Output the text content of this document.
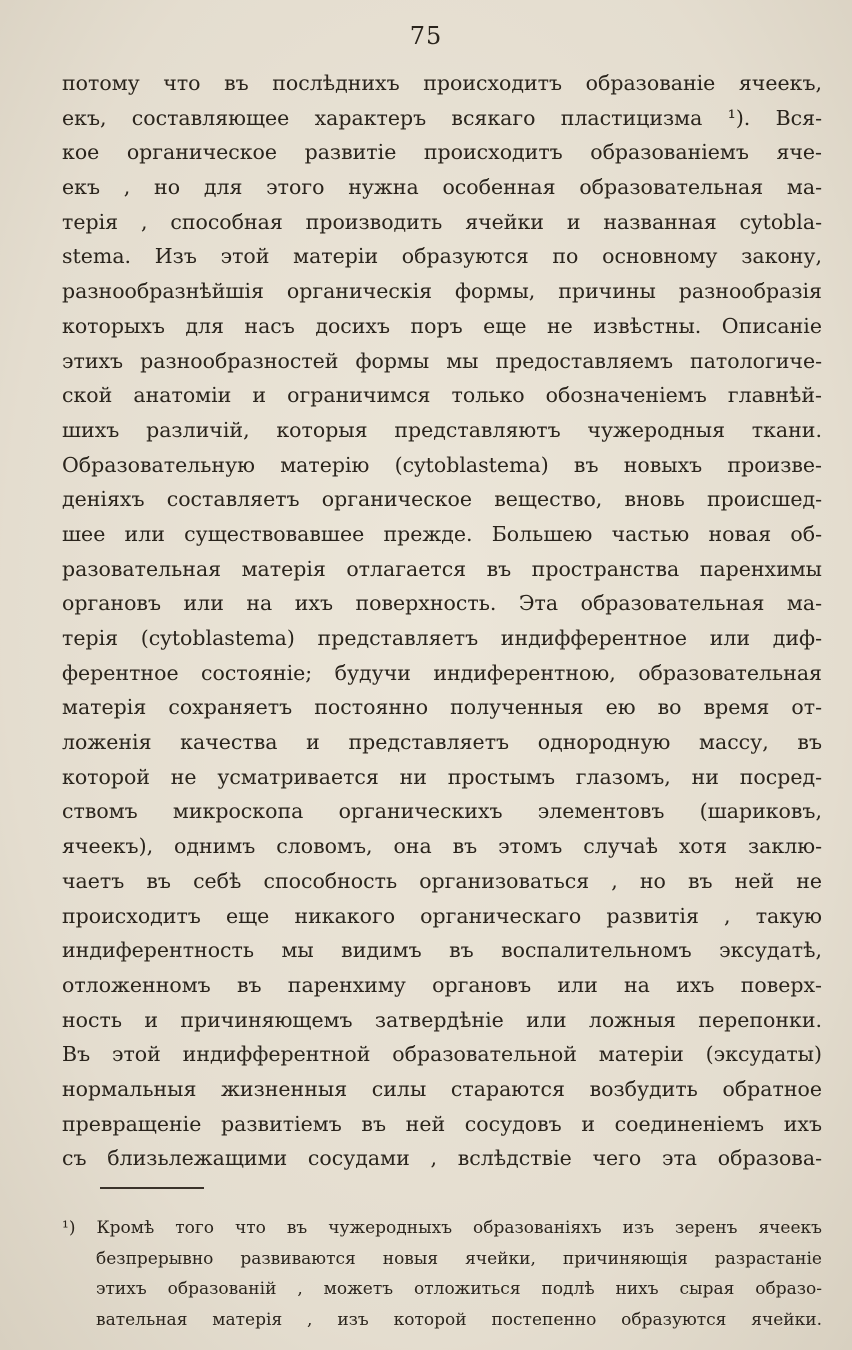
75
потому что въ послѣднихъ происходитъ образованіе ячеекъ,
екъ, составляющее характеръ всякаго пластицизма ¹). Вся-
кое органическое развитіе происходитъ образованіемъ яче-
екъ , но для этого нужна особенная образовательная ма-
терія , способная производить ячейки и названная cytobla-
stema. Изъ этой матеріи образуются по основному закону,
разнообразнѣйшія органическія формы, причины разнообразія
которыхъ для насъ досихъ поръ еще не извѣстны. Описаніе
этихъ разнообразностей формы мы предоставляемъ патологиче-
ской анатоміи и ограничимся только обозначеніемъ главнѣй-
шихъ различій, которыя представляютъ чужеродныя ткани.
Образовательную матерію (cytoblastema) въ новыхъ произве-
деніяхъ составляетъ органическое вещество, вновь происшед-
шее или существовавшее прежде. Большею частью новая об-
разовательная матерія отлагается въ пространства паренхимы
органовъ или на ихъ поверхность. Эта образовательная ма-
терія (cytoblastema) представляетъ индифферентное или диф-
ферентное состояніе; будучи индиферентною, образовательная
матерія сохраняетъ постоянно полученныя ею во время от-
ложенія качества и представляетъ однородную массу, въ
которой не усматривается ни простымъ глазомъ, ни посред-
ствомъ микроскопа органическихъ элементовъ (шариковъ,
ячеекъ), однимъ словомъ, она въ этомъ случаѣ хотя заклю-
чаетъ въ себѣ способность организоваться , но въ ней не
происходитъ еще никакого органическаго развитія , такую
индиферентность мы видимъ въ воспалительномъ эксудатѣ,
отложенномъ въ паренхиму органовъ или на ихъ поверх-
ность и причиняющемъ затвердѣніе или ложныя перепонки.
Въ этой индифферентной образовательной матеріи (эксудаты)
нормальныя жизненныя силы стараются возбудить обратное
превращеніе развитіемъ въ ней сосудовъ и соединеніемъ ихъ
съ близьлежащими сосудами , вслѣдствіе чего эта образова-
¹) Кромѣ того что въ чужеродныхъ образованіяхъ изъ зеренъ ячеекъ
безпрерывно развиваются новыя ячейки, причиняющія разрастаніе
этихъ образованій , можетъ отложиться подлѣ нихъ сырая образо-
вательная матерія , изъ которой постепенно образуются ячейки.
